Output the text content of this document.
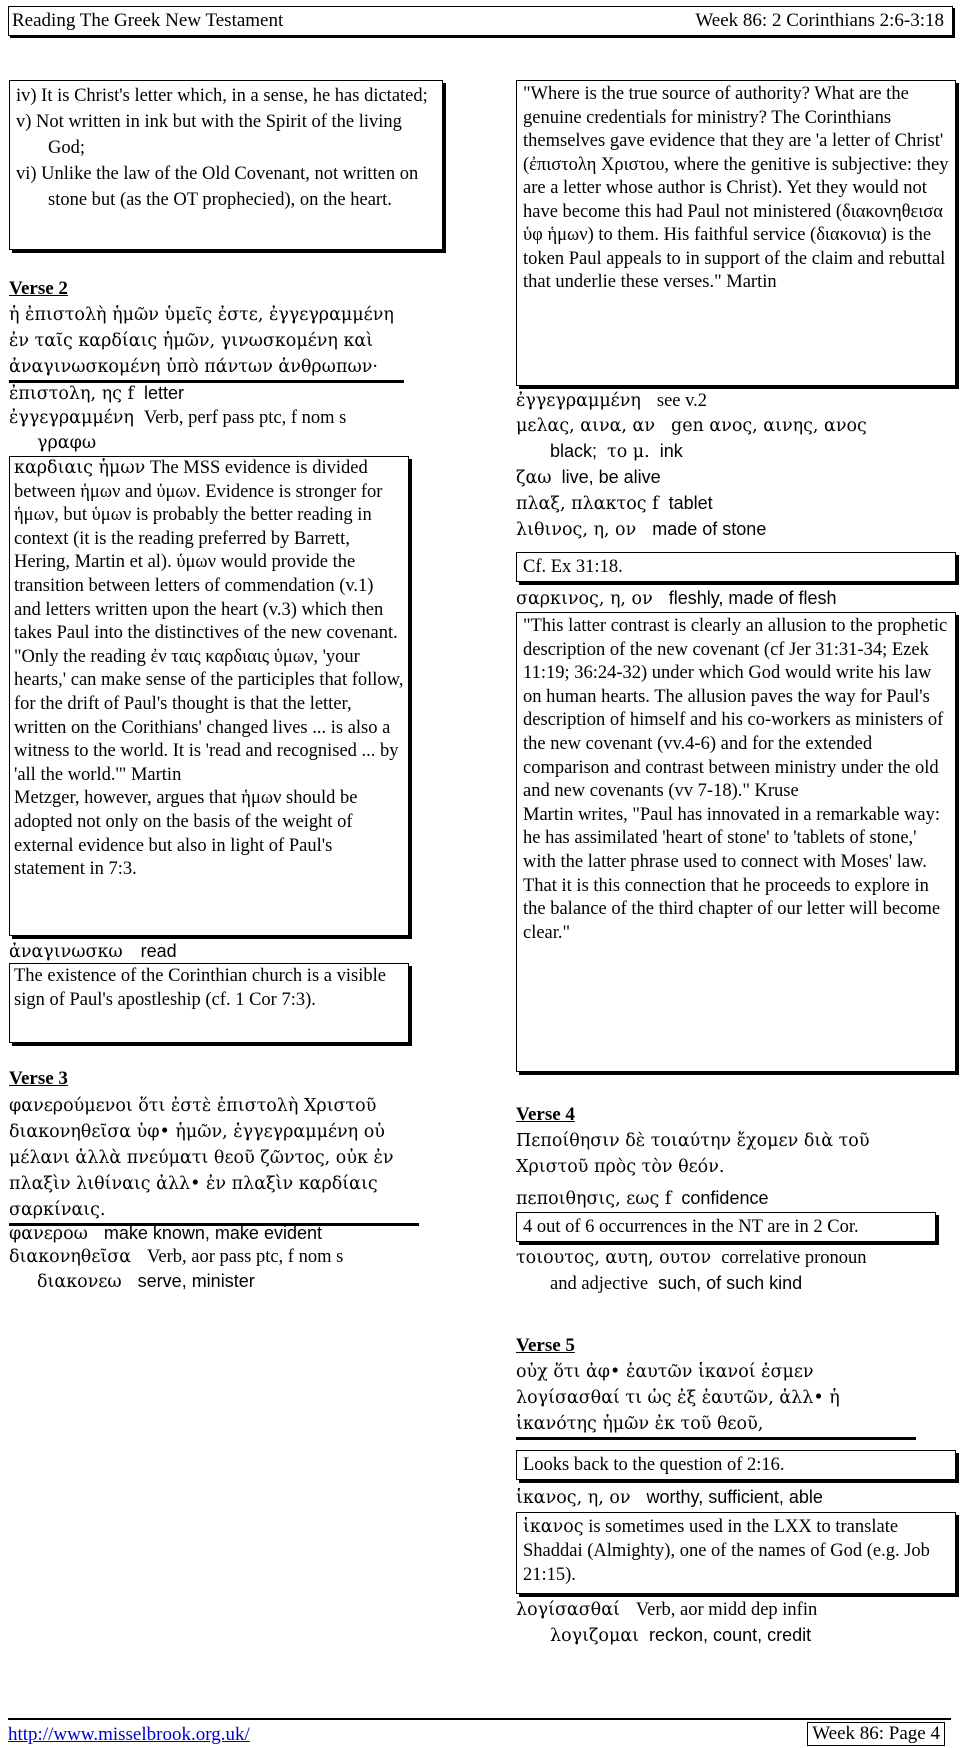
Reading The Greek New Testament	Week 86: 2 Corinthians 2:6-3:18
iv) It is Christ's letter which, in a sense, he has dictated;
v) Not written in ink but with the Spirit of the living God;
vi) Unlike the law of the Old Covenant, not written on stone but (as the OT prophecied), on the heart.
Verse 2
ἡ ἐπιστολὴ ἡμῶν ὑμεῖς ἐστε, ἐγγεγραμμένη ἐν ταῖς καρδίαις ἡμῶν, γινωσκομένη καὶ ἀναγινωσκομένη ὑπὸ πάντων ἀνθρωπων·
ἐπιστολη, ης f letter
ἐγγεγραμμένη Verb, perf pass ptc, f nom s
γραφω
καρδιαις ἡμων The MSS evidence is divided between ἡμων and ὑμων. Evidence is stronger for ἡμων, but ὑμων is probably the better reading in context (it is the reading preferred by Barrett, Hering, Martin et al). ὑμων would provide the transition between letters of commendation (v.1) and letters written upon the heart (v.3) which then takes Paul into the distinctives of the new covenant. "Only the reading ἐν ταις καρδιαις ὑμων, 'your hearts,' can make sense of the participles that follow, for the drift of Paul's thought is that the letter, written on the Corithians' changed lives ... is also a witness to the world. It is 'read and recognised ... by 'all the world.'" Martin
Metzger, however, argues that ἡμων should be adopted not only on the basis of the weight of external evidence but also in light of Paul's statement in 7:3.
ἀναγινωσκω read
The existence of the Corinthian church is a visible sign of Paul's apostleship (cf. 1 Cor 7:3).
Verse 3
φανερούμενοι ὅτι ἐστὲ ἐπιστολὴ Χριστοῦ διακονηθεῖσα ὑφ• ἡμῶν, ἐγγεγραμμένη οὐ μέλανι ἀλλὰ πνεύματι θεοῦ ζῶντος, οὐκ ἐν πλαξὶν λιθίναις ἀλλ• ἐν πλαξὶν καρδίαις σαρκίναις.
φανεροω make known, make evident
διακονηθεῖσα Verb, aor pass ptc, f nom s
διακονεω serve, minister
"Where is the true source of authority? What are the genuine credentials for ministry? The Corinthians themselves gave evidence that they are 'a letter of Christ' (ἐπιστολη Χριστου, where the genitive is subjective: they are a letter whose author is Christ). Yet they would not have become this had Paul not ministered (διακονηθεισα ὑφ ἡμων) to them. His faithful service (διακονια) is the token Paul appeals to in support of the claim and rebuttal that underlie these verses." Martin
ἐγγεγραμμένη see v.2
μελας, αινα, αν gen ανος, αινης, ανος
black; το μ. ink
ζαω live, be alive
πλαξ, πλακτος f tablet
λιθινος, η, ον made of stone
Cf. Ex 31:18.
σαρκινος, η, ον fleshly, made of flesh
"This latter contrast is clearly an allusion to the prophetic description of the new covenant (cf Jer 31:31-34; Ezek 11:19; 36:24-32) under which God would write his law on human hearts. The allusion paves the way for Paul's description of himself and his co-workers as ministers of the new covenant (vv.4-6) and for the extended comparison and contrast between ministry under the old and new covenants (vv 7-18)." Kruse
Martin writes, "Paul has innovated in a remarkable way: he has assimilated 'heart of stone' to 'tablets of stone,' with the latter phrase used to connect with Moses' law. That it is this connection that he proceeds to explore in the balance of the third chapter of our letter will become clear."
Verse 4
Πεποίθησιν δὲ τοιαύτην ἔχομεν διὰ τοῦ Χριστοῦ πρὸς τὸν θεόν.
πεποιθησις, εως f confidence
4 out of 6 occurrences in the NT are in 2 Cor.
τοιουτος, αυτη, ουτον correlative pronoun
and adjective such, of such kind
Verse 5
οὐχ ὅτι ἀφ• ἑαυτῶν ἱκανοί ἐσμεν λογίσασθαί τι ὡς ἐξ ἑαυτῶν, ἀλλ• ἡ ἱκανότης ἡμῶν ἐκ τοῦ θεοῦ,
Looks back to the question of 2:16.
ἱκανος, η, ον worthy, sufficient, able
ἱκανος is sometimes used in the LXX to translate Shaddai (Almighty), one of the names of God (e.g. Job 21:15).
λογίσασθαί Verb, aor midd dep infin
λογιζομαι reckon, count, credit
http://www.misselbrook.org.uk/	Week 86: Page 4
